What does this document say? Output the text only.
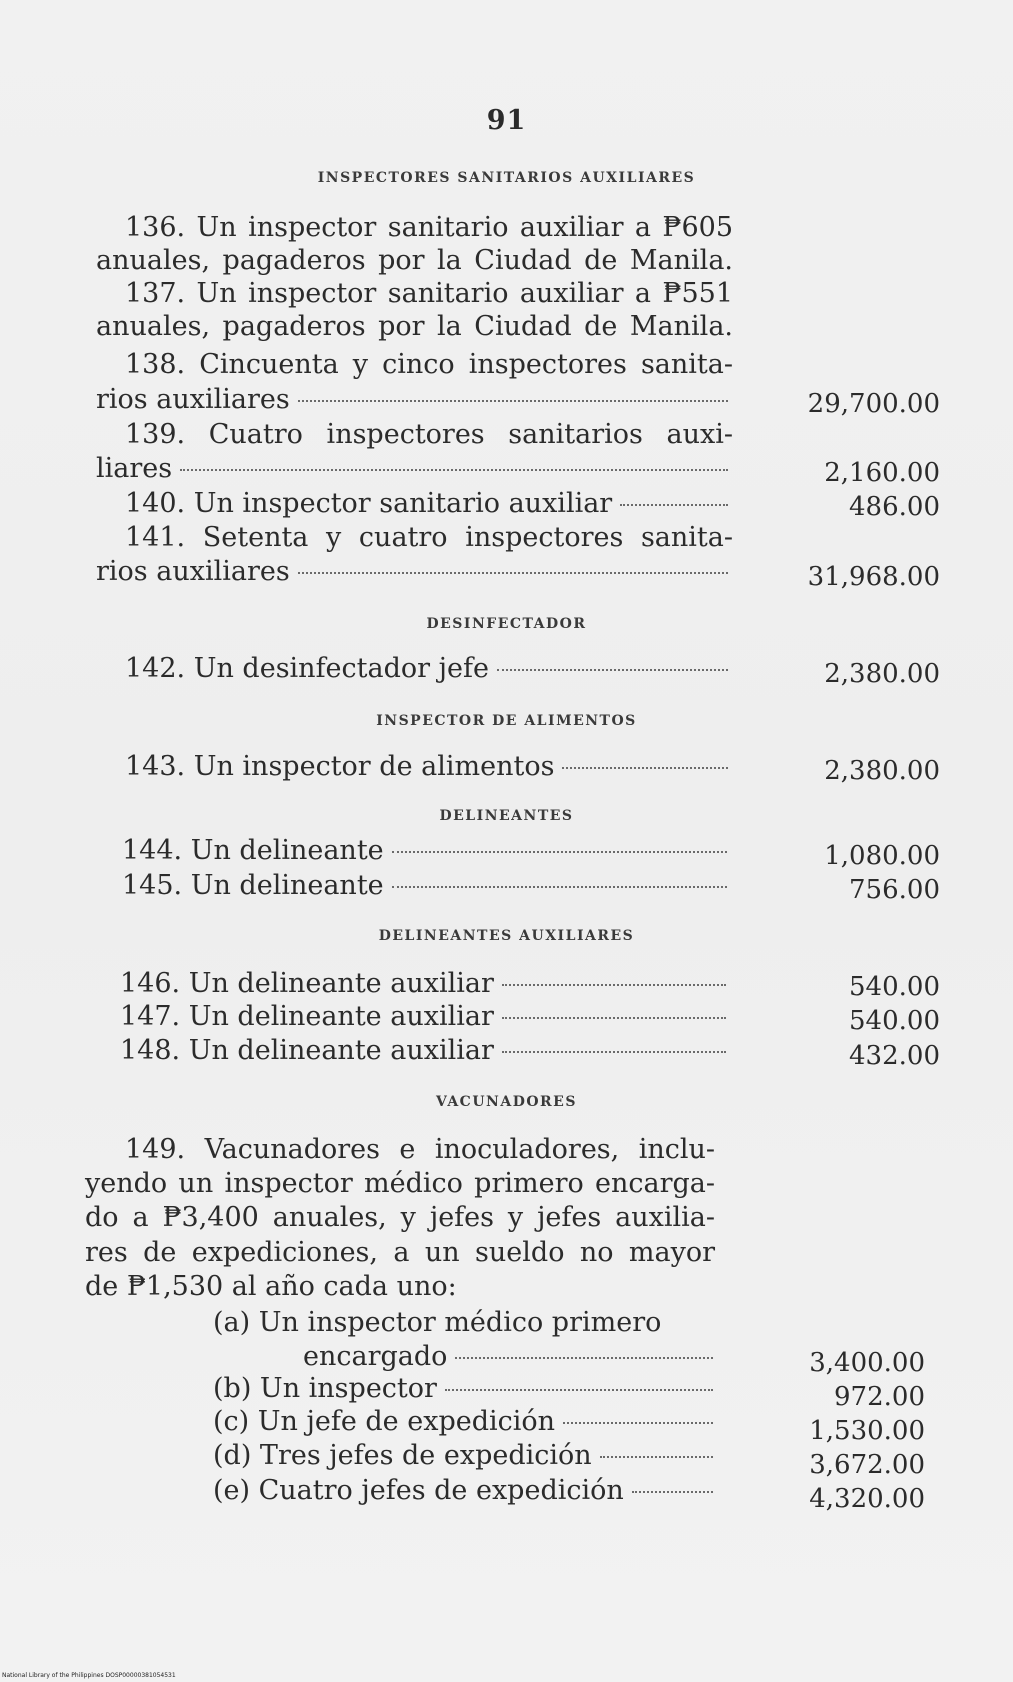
91
INSPECTORES SANITARIOS AUXILIARES
136. Un inspector sanitario auxiliar a ₱605
anuales, pagaderos por la Ciudad de Manila.
137. Un inspector sanitario auxiliar a ₱551
anuales, pagaderos por la Ciudad de Manila.
138. Cincuenta y cinco inspectores sanita-
rios auxiliares	29,700.00
139. Cuatro inspectores sanitarios auxi-
liares	2,160.00
140. Un inspector sanitario auxiliar	486.00
141. Setenta y cuatro inspectores sanita-
rios auxiliares	31,968.00
DESINFECTADOR
142. Un desinfectador jefe	2,380.00
INSPECTOR DE ALIMENTOS
143. Un inspector de alimentos	2,380.00
DELINEANTES
144. Un delineante	1,080.00
145. Un delineante	756.00
DELINEANTES AUXILIARES
146. Un delineante auxiliar	540.00
147. Un delineante auxiliar	540.00
148. Un delineante auxiliar	432.00
VACUNADORES
149. Vacunadores e inoculadores, inclu-
yendo un inspector médico primero encarga-
do a ₱3,400 anuales, y jefes y jefes auxilia-
res de expediciones, a un sueldo no mayor
de ₱1,530 al año cada uno:
(a) Un inspector médico primero
encargado	3,400.00
(b) Un inspector	972.00
(c) Un jefe de expedición	1,530.00
(d) Tres jefes de expedición	3,672.00
(e) Cuatro jefes de expedición	4,320.00
National Library of the Philippines DOSP00000381054531
